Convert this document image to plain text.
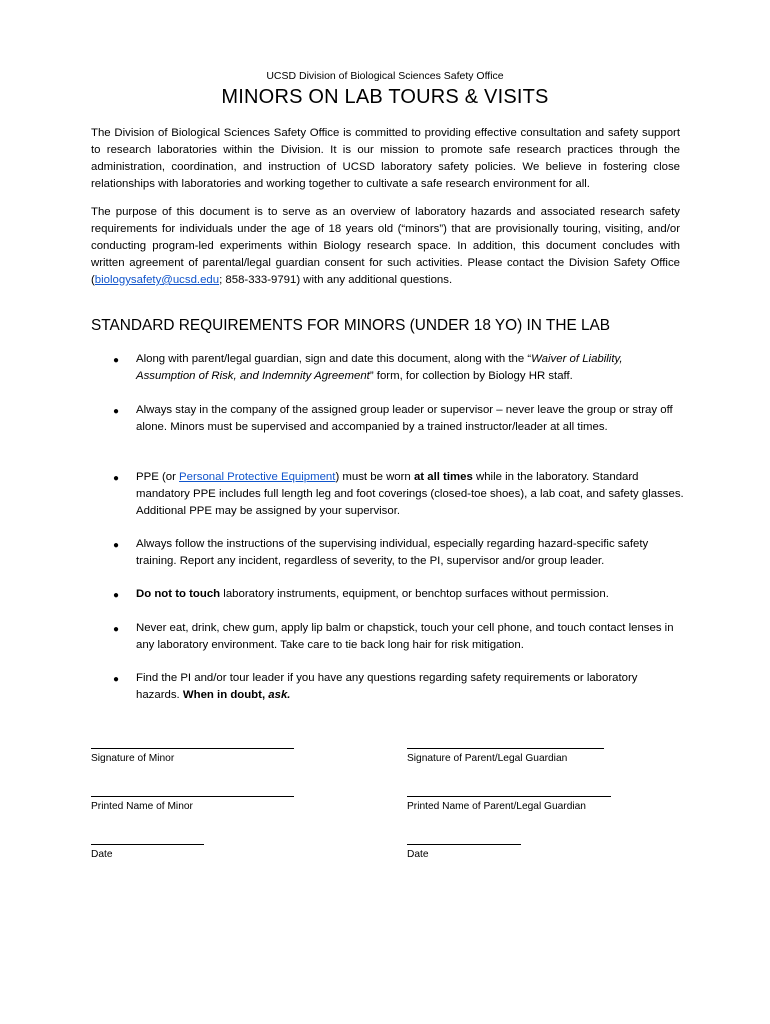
UCSD Division of Biological Sciences Safety Office
MINORS ON LAB TOURS & VISITS

The Division of Biological Sciences Safety Office is committed to providing effective consultation and safety support to research laboratories within the Division. It is our mission to promote safe research practices through the administration, coordination, and instruction of UCSD laboratory safety policies. We believe in fostering close relationships with laboratories and working together to cultivate a safe research environment for all.

The purpose of this document is to serve as an overview of laboratory hazards and associated research safety requirements for individuals under the age of 18 years old (“minors”) that are provisionally touring, visiting, and/or conducting program-led experiments within Biology research space. In addition, this document concludes with written agreement of parental/legal guardian consent for such activities. Please contact the Division Safety Office (biologysafety@ucsd.edu; 858-333-9791) with any additional questions.

STANDARD REQUIREMENTS FOR MINORS (UNDER 18 YO) IN THE LAB
● Along with parent/legal guardian, sign and date this document, along with the “Waiver of Liability, Assumption of Risk, and Indemnity Agreement” form, for collection by Biology HR staff.
● Always stay in the company of the assigned group leader or supervisor – never leave the group or stray off alone. Minors must be supervised and accompanied by a trained instructor/leader at all times.
● PPE (or Personal Protective Equipment) must be worn at all times while in the laboratory. Standard mandatory PPE includes full length leg and foot coverings (closed-toe shoes), a lab coat, and safety glasses. Additional PPE may be assigned by your supervisor.
● Always follow the instructions of the supervising individual, especially regarding hazard-specific safety training. Report any incident, regardless of severity, to the PI, supervisor and/or group leader.
● Do not to touch laboratory instruments, equipment, or benchtop surfaces without permission.
● Never eat, drink, chew gum, apply lip balm or chapstick, touch your cell phone, and touch contact lenses in any laboratory environment. Take care to tie back long hair for risk mitigation.
● Find the PI and/or tour leader if you have any questions regarding safety requirements or laboratory hazards. When in doubt, ask.
Signature of Minor	Signature of Parent/Legal Guardian
Printed Name of Minor	Printed Name of Parent/Legal Guardian
Date	Date
